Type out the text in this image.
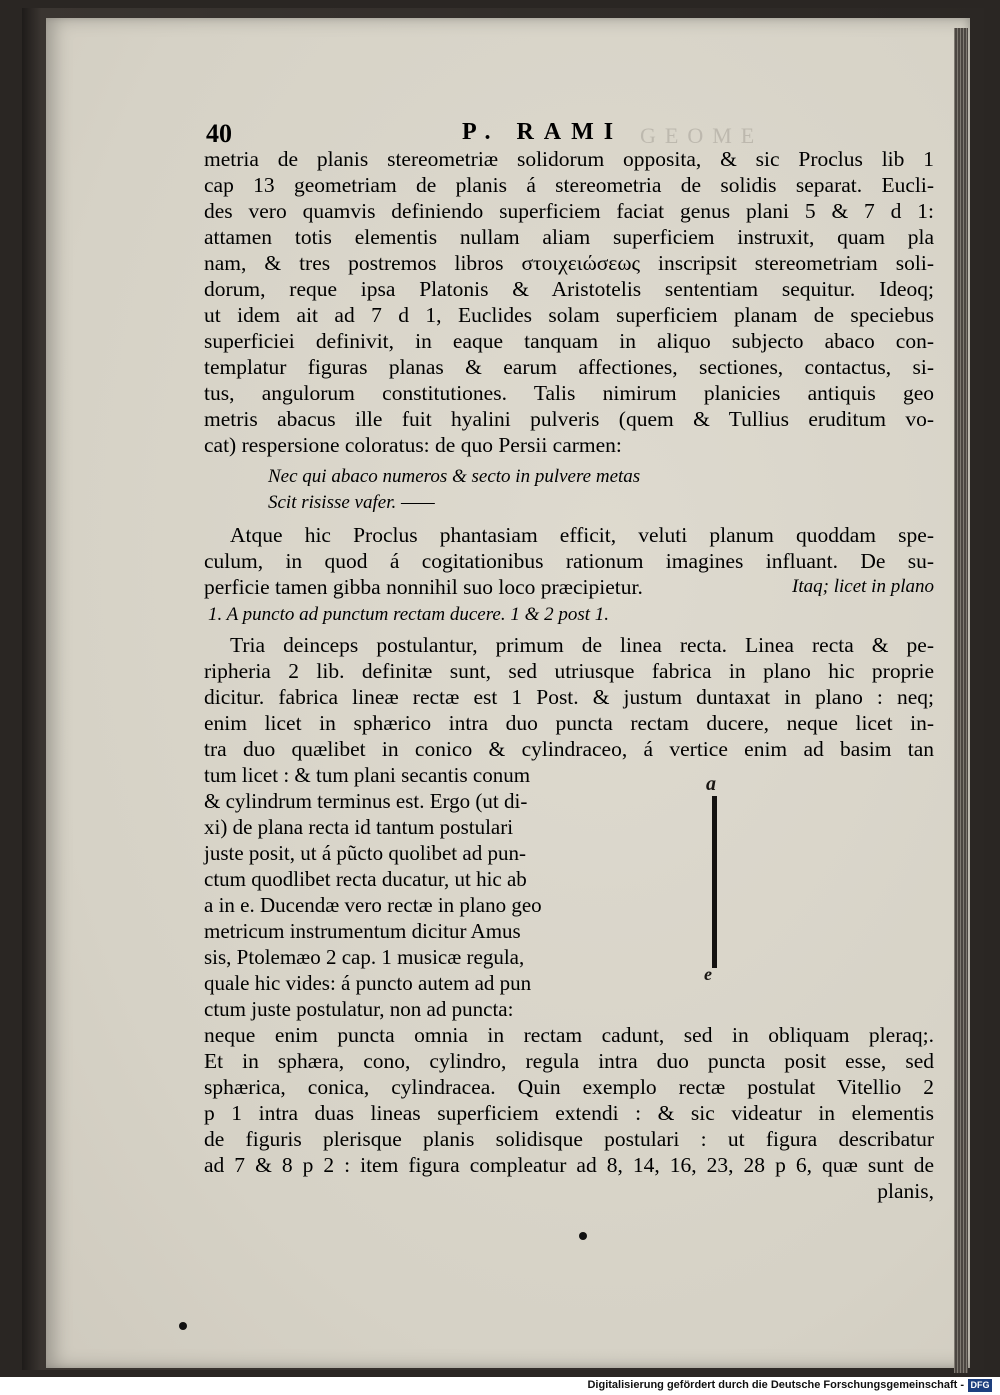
40	P. RAMI GEOME
metria de planis stereometriæ solidorum opposita, & sic Proclus lib 1
cap 13 geometriam de planis á stereometria de solidis separat. Eucli-
des vero quamvis definiendo superficiem faciat genus plani 5 & 7 d 1:
attamen totis elementis nullam aliam superficiem instruxit, quam pla
nam, & tres postremos libros στοιχειώσεως inscripsit stereometriam soli-
dorum, reque ipsa Platonis & Aristotelis sententiam sequitur. Ideoq;
ut idem ait ad 7 d 1, Euclides solam superficiem planam de speciebus
superficiei definivit, in eaque tanquam in aliquo subjecto abaco con-
templatur figuras planas & earum affectiones, sectiones, contactus, si-
tus, angulorum constitutiones. Talis nimirum planicies antiquis geo
metris abacus ille fuit hyalini pulveris (quem & Tullius eruditum vo-
cat) respersione coloratus: de quo Persii carmen:
Nec qui abaco numeros & secto in pulvere metas
Scit risisse vafer. ——
Atque hic Proclus phantasiam efficit, veluti planum quoddam spe-
culum, in quod á cogitationibus rationum imagines influant. De su-
perficie tamen gibba nonnihil suo loco præcipietur.	Itaq; licet in plano
1. A puncto ad punctum rectam ducere. 1 & 2 post 1.
Tria deinceps postulantur, primum de linea recta. Linea recta & pe-
ripheria 2 lib. definitæ sunt, sed utriusque fabrica in plano hic proprie
dicitur. fabrica lineæ rectæ est 1 Post. & justum duntaxat in plano : neq;
enim licet in sphærico intra duo puncta rectam ducere, neque licet in-
tra duo quælibet in conico & cylindraceo, á vertice enim ad basim tan
tum licet : & tum plani secantis conum
& cylindrum terminus est. Ergo (ut di-
xi) de plana recta id tantum postulari
juste posit, ut á pũcto quolibet ad pun-
ctum quodlibet recta ducatur, ut hic ab
a in e. Ducendæ vero rectæ in plano geo
metricum instrumentum dicitur Amus
sis, Ptolemæo 2 cap. 1 musicæ regula,
quale hic vides: á puncto autem ad pun
ctum juste postulatur, non ad puncta:
a
e
neque enim puncta omnia in rectam cadunt, sed in obliquam pleraq;.
Et in sphæra, cono, cylindro, regula intra duo puncta posit esse, sed
sphærica, conica, cylindracea. Quin exemplo rectæ postulat Vitellio 2
p 1 intra duas lineas superficiem extendi : & sic videatur in elementis
de figuris plerisque planis solidisque postulari : ut figura describatur
ad 7 & 8 p 2 : item figura compleatur ad 8, 14, 16, 23, 28 p 6, quæ sunt de
planis,
Digitalisierung gefördert durch die Deutsche Forschungsgemeinschaft - DFG
